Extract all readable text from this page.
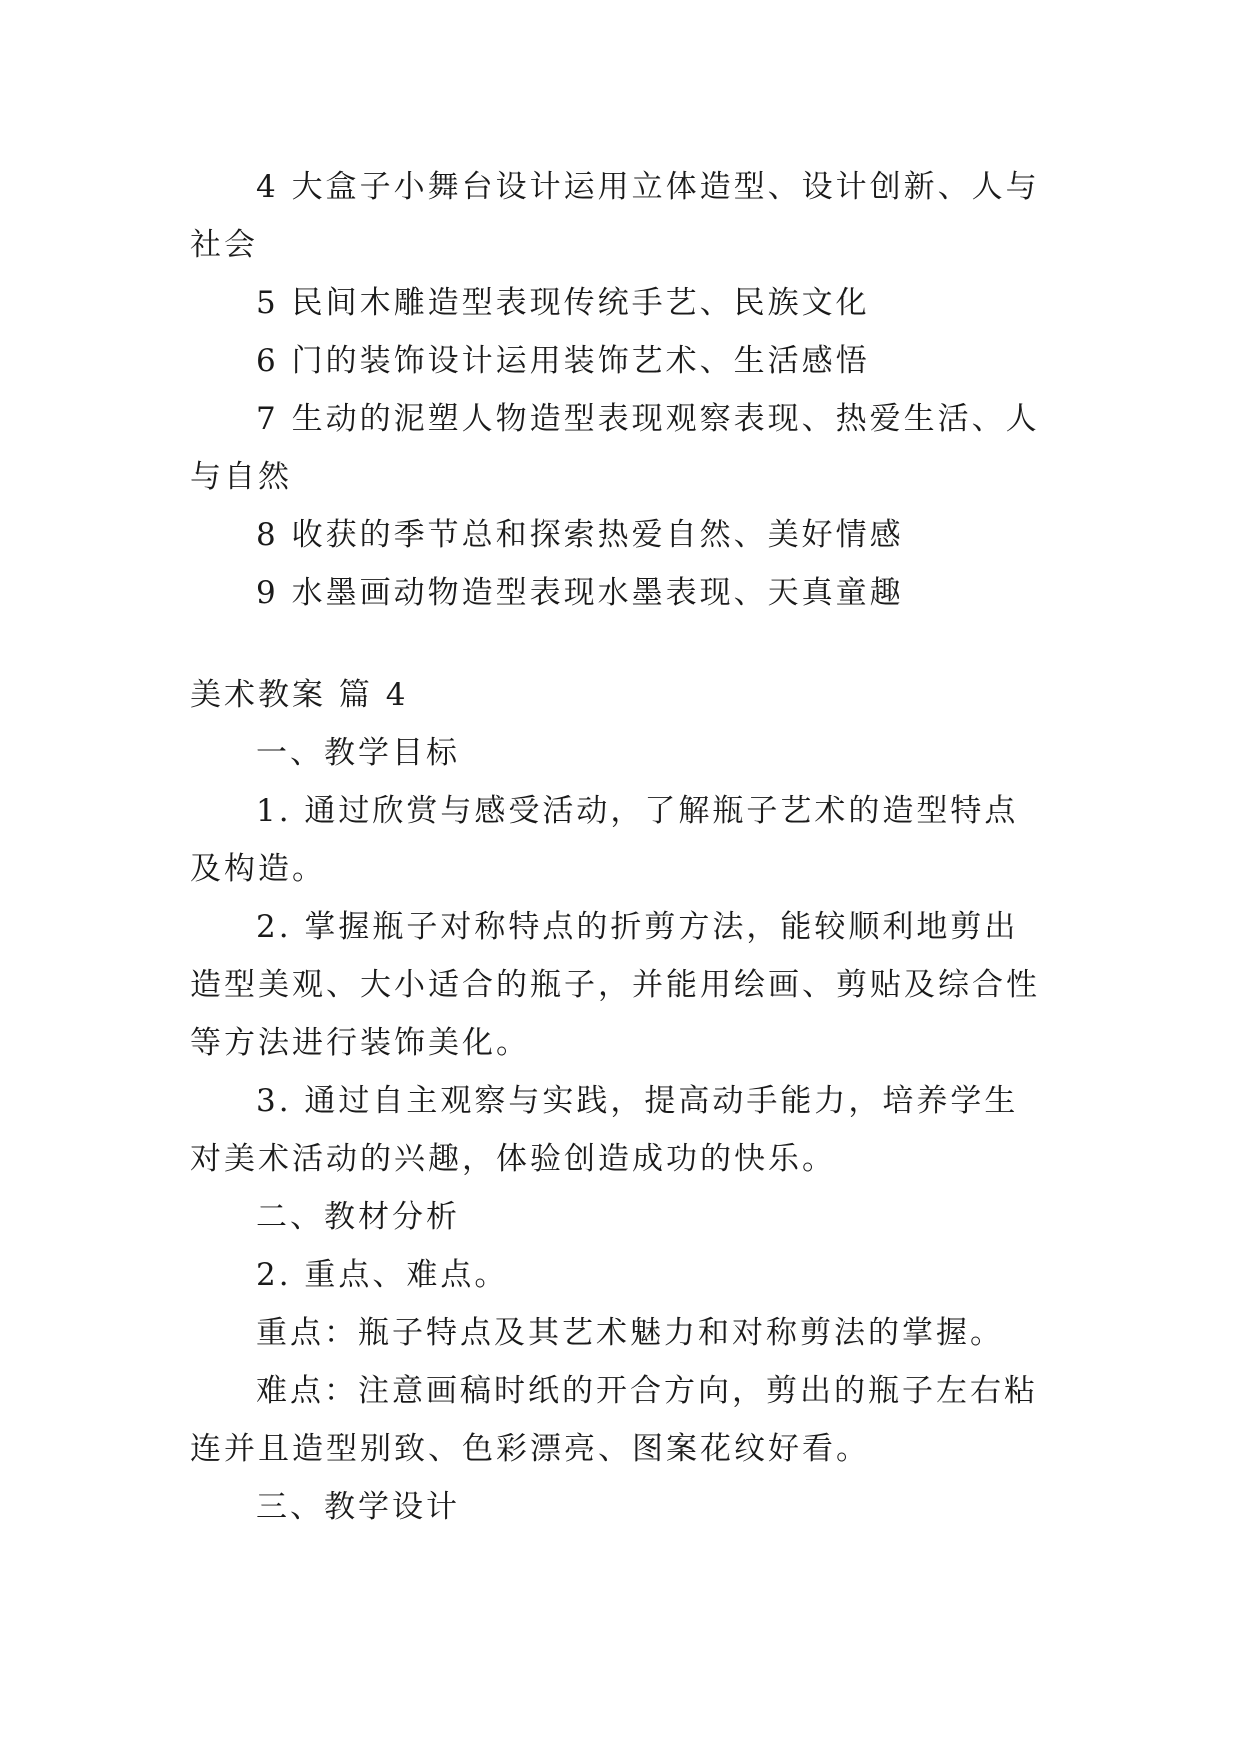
4 大盒子小舞台设计运用立体造型、设计创新、人与社会

5 民间木雕造型表现传统手艺、民族文化

6 门的装饰设计运用装饰艺术、生活感悟

7 生动的泥塑人物造型表现观察表现、热爱生活、人与自然

8 收获的季节总和探索热爱自然、美好情感

9 水墨画动物造型表现水墨表现、天真童趣

美术教案 篇 4

一、教学目标

1. 通过欣赏与感受活动，了解瓶子艺术的造型特点及构造。

2. 掌握瓶子对称特点的折剪方法，能较顺利地剪出造型美观、大小适合的瓶子，并能用绘画、剪贴及综合性等方法进行装饰美化。

3. 通过自主观察与实践，提高动手能力，培养学生对美术活动的兴趣，体验创造成功的快乐。

二、教材分析

2. 重点、难点。

重点：瓶子特点及其艺术魅力和对称剪法的掌握。

难点：注意画稿时纸的开合方向，剪出的瓶子左右粘连并且造型别致、色彩漂亮、图案花纹好看。

三、教学设计
